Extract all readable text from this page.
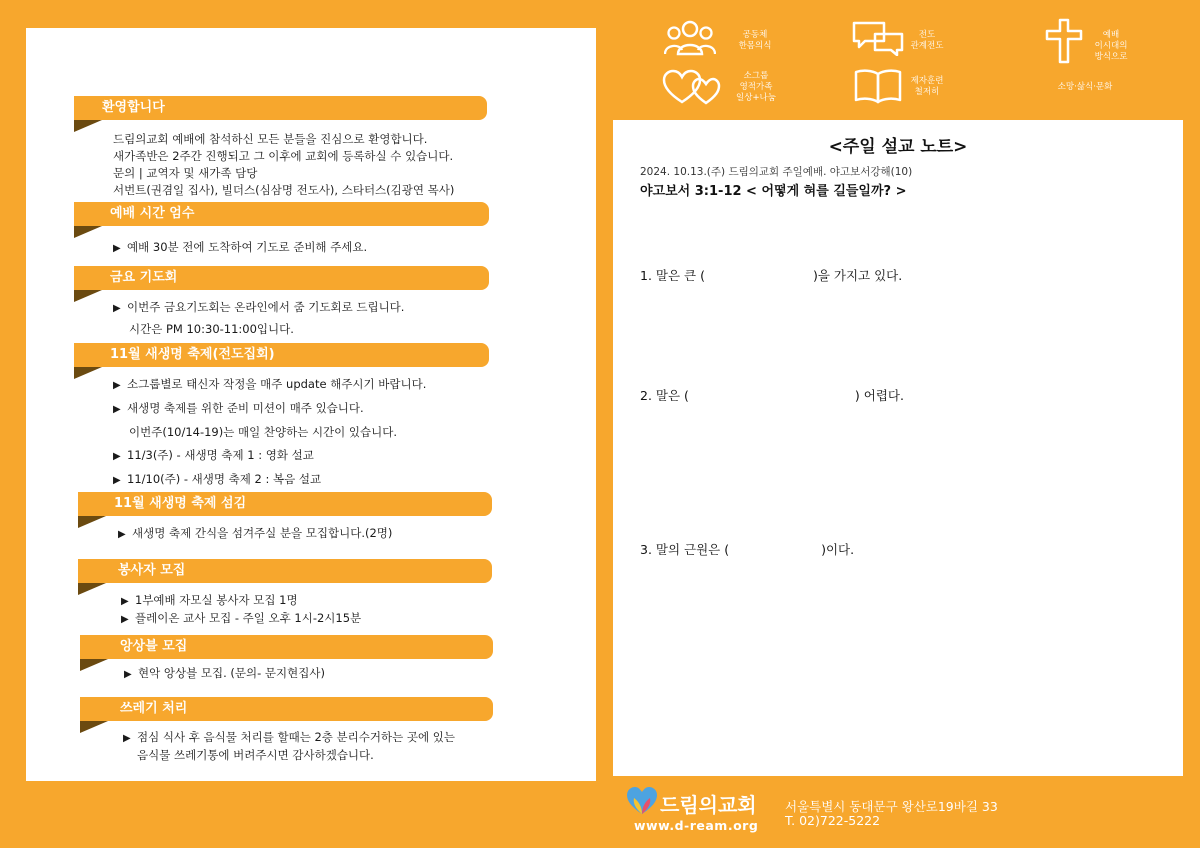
환영합니다
드림의교회 예배에 참석하신 모든 분들을 진심으로 환영합니다.
새가족반은 2주간 진행되고 그 이후에 교회에 등록하실 수 있습니다.
문의 | 교역자 및 새가족 담당
서번트(권겸일 집사), 빌더스(심삼명 전도사), 스타터스(김광연 목사)
예배 시간 엄수
▶ 예배 30분 전에 도착하여 기도로 준비해 주세요.
금요 기도회
▶ 이번주 금요기도회는 온라인에서 줌 기도회로 드립니다.
시간은 PM 10:30-11:00입니다.
11월 새생명 축제(전도집회)
▶ 소그룹별로 태신자 작정을 매주 update 해주시기 바랍니다.
▶ 새생명 축제를 위한 준비 미션이 매주 있습니다.
이번주(10/14-19)는 매일 찬양하는 시간이 있습니다.
▶ 11/3(주) - 새생명 축제 1 : 영화 설교
▶ 11/10(주) - 새생명 축제 2 : 복음 설교
11월 새생명 축제 섬김
▶ 새생명 축제 간식을 섬겨주실 분을 모집합니다.(2명)
봉사자 모집
▶ 1부예배 자모실 봉사자 모집 1명
▶ 플레이온 교사 모집 - 주일 오후 1시-2시15분
앙상블 모집
▶ 현악 앙상블 모집. (문의- 문지현집사)
쓰레기 처리
▶ 점심 식사 후 음식물 처리를 할때는 2층 분리수거하는 곳에 있는
음식물 쓰레기통에 버려주시면 감사하겠습니다.
공동체
한몸의식
전도
관계전도
예배
이시대의
방식으로
소그룹
영적가족
일상+나눔
제자훈련
철저히	소망·삶식·문화
<주일 설교 노트>
2024. 10.13.(주) 드림의교회 주일예배. 야고보서강해(10)
야고보서 3:1-12 < 어떻게 혀를 길들일까? >
1. 말은 큰 (	)을 가지고 있다.
2. 말은 (	) 어렵다.
3. 말의 근원은 (	)이다.
드림의교회
www.d-ream.org
서울특별시 동대문구 왕산로19바길 33
T. 02)722-5222
